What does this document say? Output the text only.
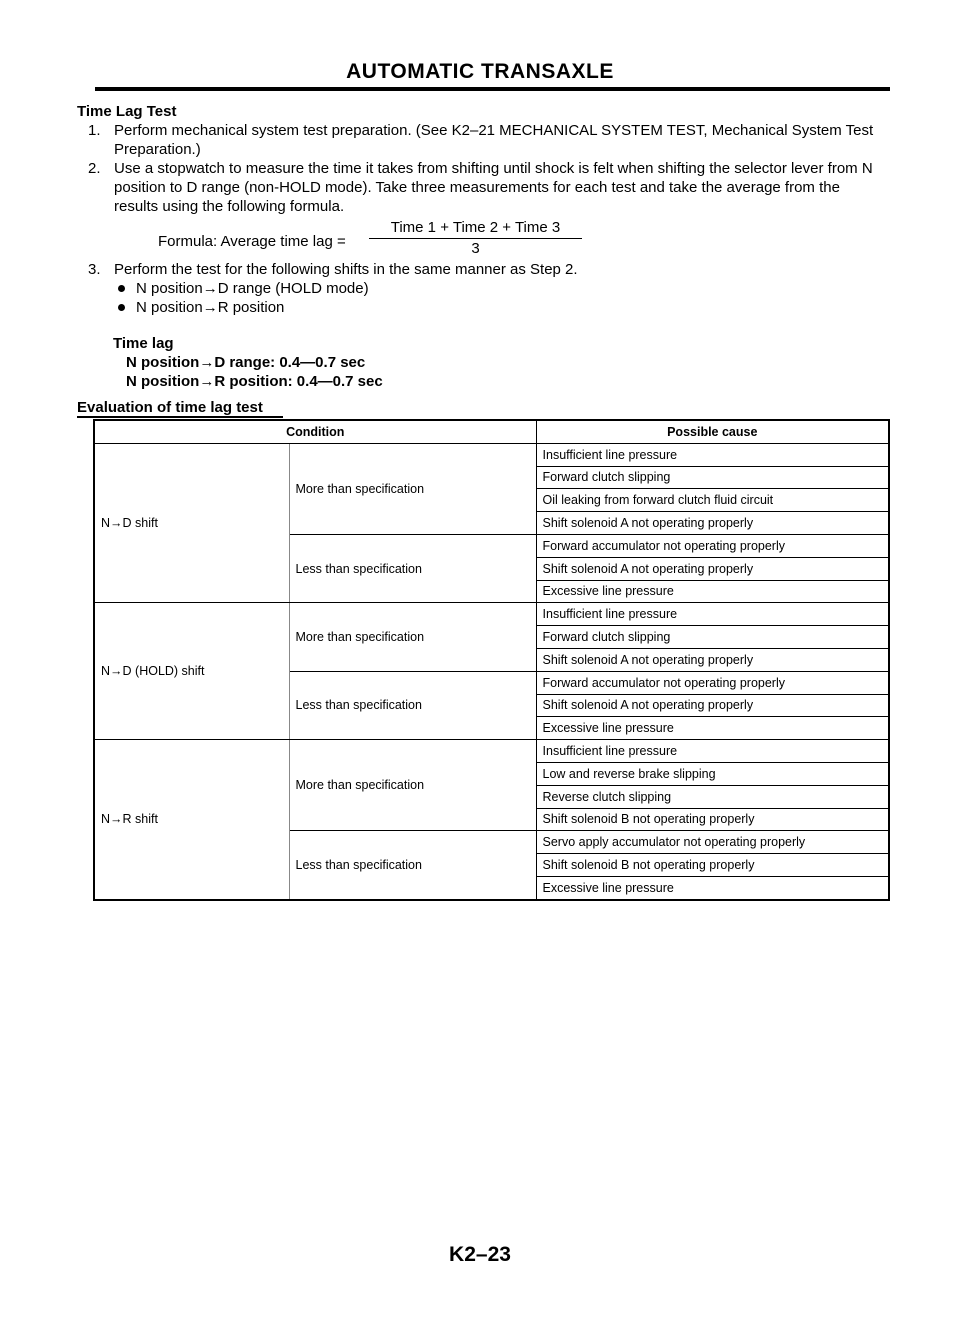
AUTOMATIC TRANSAXLE
Time Lag Test
1. Perform mechanical system test preparation. (See K2–21 MECHANICAL SYSTEM TEST, Mechanical System Test Preparation.)
2. Use a stopwatch to measure the time it takes from shifting until shock is felt when shifting the selector lever from N position to D range (non-HOLD mode). Take three measurements for each test and take the average from the results using the following formula.
Formula: Average time lag =
Time 1 + Time 2 + Time 3
3
3. Perform the test for the following shifts in the same manner as Step 2.
N position→D range (HOLD mode)
N position→R position
Time lag
N position→D range: 0.4—0.7 sec
N position→R position: 0.4—0.7 sec
Evaluation of time lag test
Condition		Possible cause
N→D shift	More than specification	Insufficient line pressure
		Forward clutch slipping
		Oil leaking from forward clutch fluid circuit
		Shift solenoid A not operating properly
	Less than specification	Forward accumulator not operating properly
		Shift solenoid A not operating properly
		Excessive line pressure
N→D (HOLD) shift	More than specification	Insufficient line pressure
		Forward clutch slipping
		Shift solenoid A not operating properly
	Less than specification	Forward accumulator not operating properly
		Shift solenoid A not operating properly
		Excessive line pressure
N→R shift	More than specification	Insufficient line pressure
		Low and reverse brake slipping
		Reverse clutch slipping
		Shift solenoid B not operating properly
	Less than specification	Servo apply accumulator not operating properly
		Shift solenoid B not operating properly
		Excessive line pressure
K2–23
